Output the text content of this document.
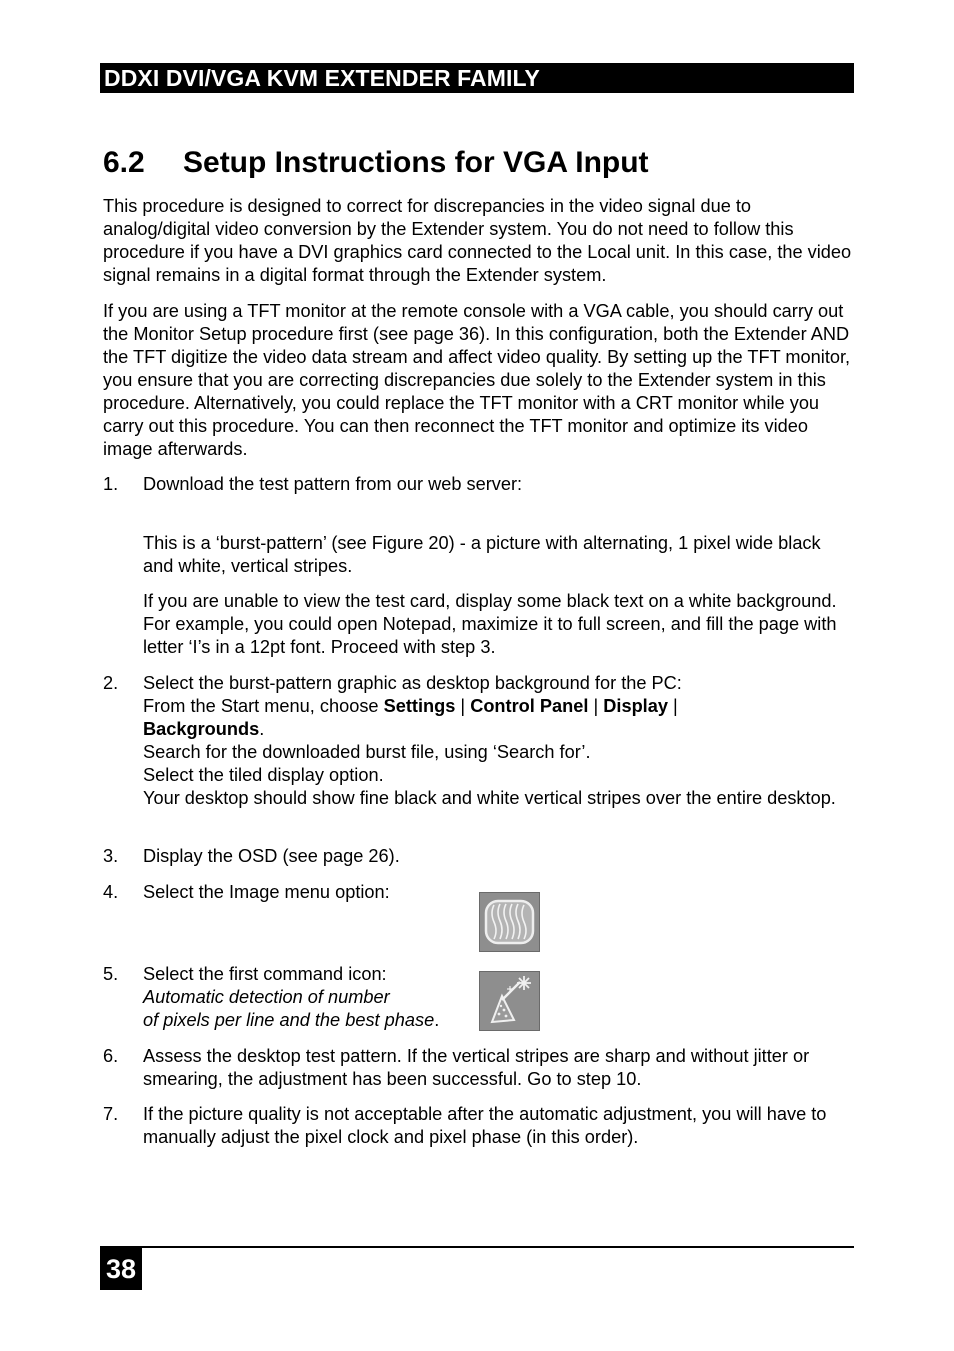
DDXI DVI/VGA KVM EXTENDER FAMILY
6.2 Setup Instructions for VGA Input

This procedure is designed to correct for discrepancies in the video signal due to analog/digital video conversion by the Extender system. You do not need to follow this procedure if you have a DVI graphics card connected to the Local unit. In this case, the video signal remains in a digital format through the Extender system.

If you are using a TFT monitor at the remote console with a VGA cable, you should carry out the Monitor Setup procedure first (see page 36). In this configuration, both the Extender AND the TFT digitize the video data stream and affect video quality. By setting up the TFT monitor, you ensure that you are correcting discrepancies due solely to the Extender system in this procedure. Alternatively, you could replace the TFT monitor with a CRT monitor while you carry out this procedure. You can then reconnect the TFT monitor and optimize its video image afterwards.

1. Download the test pattern from our web server:

This is a ‘burst-pattern’ (see Figure 20) - a picture with alternating, 1 pixel wide black and white, vertical stripes.

If you are unable to view the test card, display some black text on a white background. For example, you could open Notepad, maximize it to full screen, and fill the page with letter ‘I’s in a 12pt font. Proceed with step 3.

2. Select the burst-pattern graphic as desktop background for the PC:
From the Start menu, choose Settings | Control Panel | Display |
Backgrounds.
Search for the downloaded burst file, using ‘Search for’.
Select the tiled display option.
Your desktop should show fine black and white vertical stripes over the entire desktop.
3. Display the OSD (see page 26).

4. Select the Image menu option:

5. Select the first command icon:
Automatic detection of number
of pixels per line and the best phase.
6. Assess the desktop test pattern. If the vertical stripes are sharp and without jitter or smearing, the adjustment has been successful. Go to step 10.

7. If the picture quality is not acceptable after the automatic adjustment, you will have to manually adjust the pixel clock and pixel phase (in this order).

38
